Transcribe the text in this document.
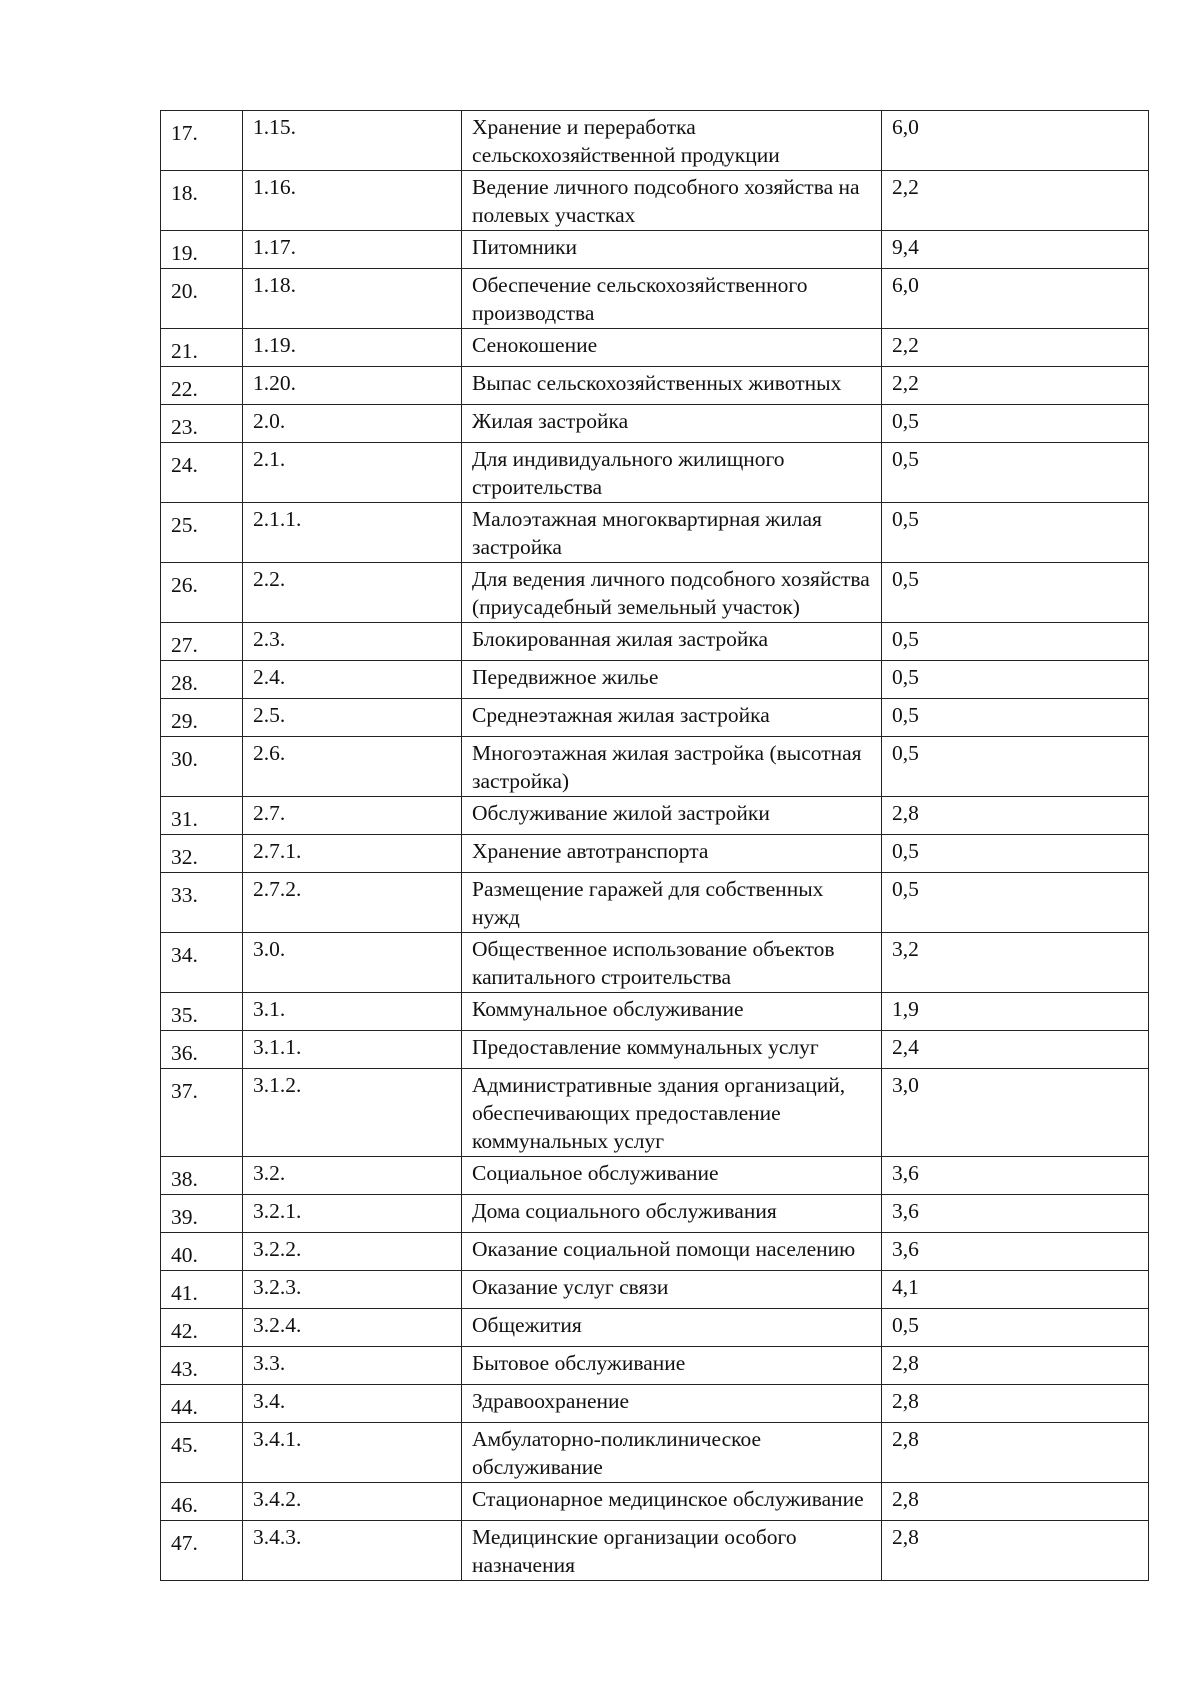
17.	1.15.	Хранение и переработка сельскохозяйственной продукции	6,0
18.	1.16.	Ведение личного подсобного хозяйства на полевых участках	2,2
19.	1.17.	Питомники	9,4
20.	1.18.	Обеспечение сельскохозяйственного производства	6,0
21.	1.19.	Сенокошение	2,2
22.	1.20.	Выпас сельскохозяйственных животных	2,2
23.	2.0.	Жилая застройка	0,5
24.	2.1.	Для индивидуального жилищного строительства	0,5
25.	2.1.1.	Малоэтажная многоквартирная жилая застройка	0,5
26.	2.2.	Для ведения личного подсобного хозяйства (приусадебный земельный участок)	0,5
27.	2.3.	Блокированная жилая застройка	0,5
28.	2.4.	Передвижное жилье	0,5
29.	2.5.	Среднеэтажная жилая застройка	0,5
30.	2.6.	Многоэтажная жилая застройка (высотная застройка)	0,5
31.	2.7.	Обслуживание жилой застройки	2,8
32.	2.7.1.	Хранение автотранспорта	0,5
33.	2.7.2.	Размещение гаражей для собственных нужд	0,5
34.	3.0.	Общественное использование объектов капитального строительства	3,2
35.	3.1.	Коммунальное обслуживание	1,9
36.	3.1.1.	Предоставление коммунальных услуг	2,4
37.	3.1.2.	Административные здания организаций, обеспечивающих предоставление коммунальных услуг	3,0
38.	3.2.	Социальное обслуживание	3,6
39.	3.2.1.	Дома социального обслуживания	3,6
40.	3.2.2.	Оказание социальной помощи населению	3,6
41.	3.2.3.	Оказание услуг связи	4,1
42.	3.2.4.	Общежития	0,5
43.	3.3.	Бытовое обслуживание	2,8
44.	3.4.	Здравоохранение	2,8
45.	3.4.1.	Амбулаторно-поликлиническое обслуживание	2,8
46.	3.4.2.	Стационарное медицинское обслуживание	2,8
47.	3.4.3.	Медицинские организации особого назначения	2,8
